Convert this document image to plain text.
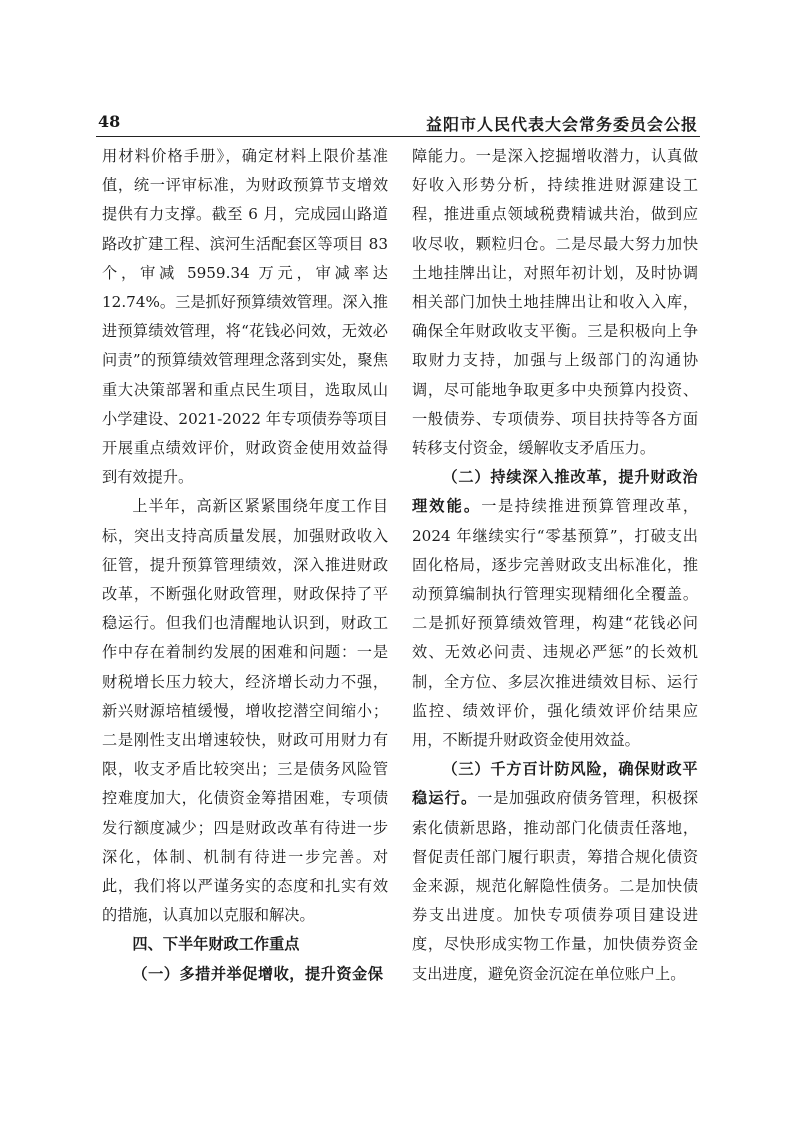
48	益阳市人民代表大会常务委员会公报

用材料价格手册》，确定材料上限价基准值，统一评审标准，为财政预算节支增效提供有力支撑。截至 6 月，完成园山路道路改扩建工程、滨河生活配套区等项目 83 个，审减 5959.34 万元，审减率达 12.74%。三是抓好预算绩效管理。深入推进预算绩效管理，将“花钱必问效，无效必问责”的预算绩效管理理念落到实处，聚焦重大决策部署和重点民生项目，选取凤山小学建设、2021-2022 年专项债券等项目开展重点绩效评价，财政资金使用效益得到有效提升。

上半年，高新区紧紧围绕年度工作目标，突出支持高质量发展，加强财政收入征管，提升预算管理绩效，深入推进财政改革，不断强化财政管理，财政保持了平稳运行。但我们也清醒地认识到，财政工作中存在着制约发展的困难和问题：一是财税增长压力较大，经济增长动力不强，新兴财源培植缓慢，增收挖潜空间缩小；二是刚性支出增速较快，财政可用财力有限，收支矛盾比较突出；三是债务风险管控难度加大，化债资金筹措困难，专项债发行额度减少；四是财政改革有待进一步深化，体制、机制有待进一步完善。对此，我们将以严谨务实的态度和扎实有效的措施，认真加以克服和解决。

四、下半年财政工作重点

（一）多措并举促增收，提升资金保

障能力。一是深入挖掘增收潜力，认真做好收入形势分析，持续推进财源建设工程，推进重点领域税费精诚共治，做到应收尽收，颗粒归仓。二是尽最大努力加快土地挂牌出让，对照年初计划，及时协调相关部门加快土地挂牌出让和收入入库，确保全年财政收支平衡。三是积极向上争取财力支持，加强与上级部门的沟通协调，尽可能地争取更多中央预算内投资、一般债券、专项债券、项目扶持等各方面转移支付资金，缓解收支矛盾压力。

（二）持续深入推改革，提升财政治理效能。一是持续推进预算管理改革，2024 年继续实行“零基预算”，打破支出固化格局，逐步完善财政支出标准化，推动预算编制执行管理实现精细化全覆盖。二是抓好预算绩效管理，构建“花钱必问效、无效必问责、违规必严惩”的长效机制，全方位、多层次推进绩效目标、运行监控、绩效评价，强化绩效评价结果应用，不断提升财政资金使用效益。

（三）千方百计防风险，确保财政平稳运行。一是加强政府债务管理，积极探索化债新思路，推动部门化债责任落地，督促责任部门履行职责，筹措合规化债资金来源，规范化解隐性债务。二是加快债券支出进度。加快专项债券项目建设进度，尽快形成实物工作量，加快债券资金支出进度，避免资金沉淀在单位账户上。
